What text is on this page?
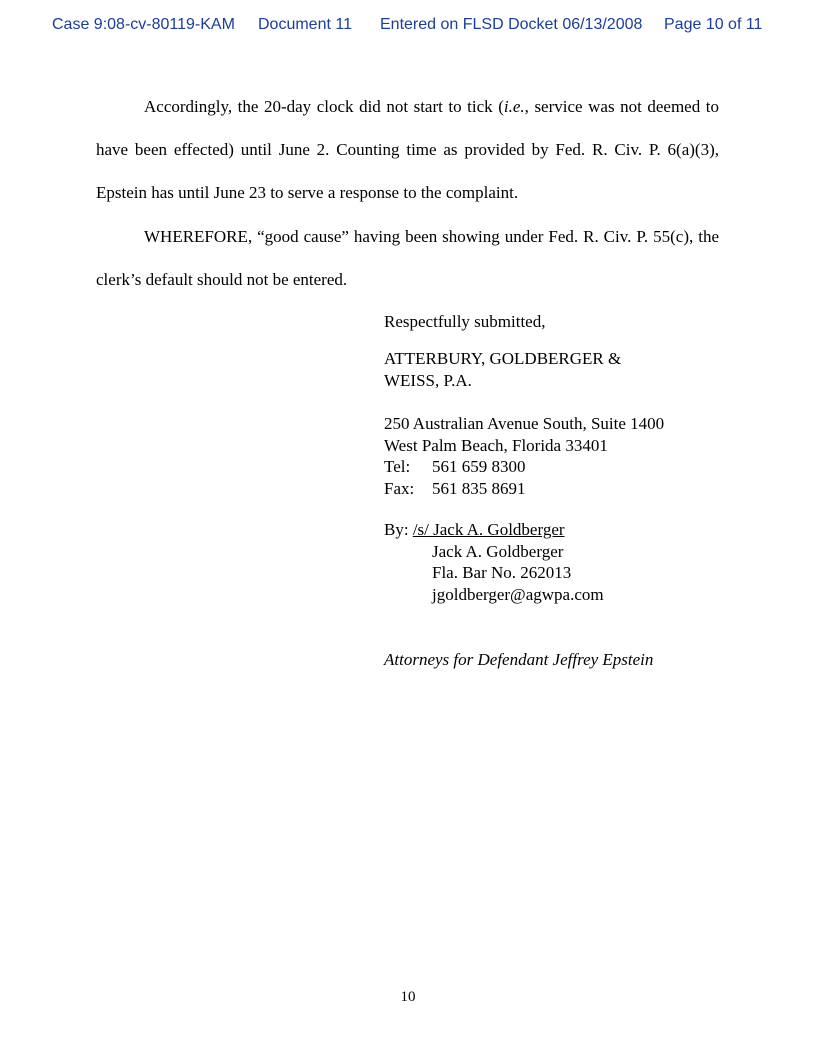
Case 9:08-cv-80119-KAM Document 11 Entered on FLSD Docket 06/13/2008 Page 10 of 11
Accordingly, the 20-day clock did not start to tick (i.e., service was not deemed to have been effected) until June 2. Counting time as provided by Fed. R. Civ. P. 6(a)(3), Epstein has until June 23 to serve a response to the complaint.
WHEREFORE, “good cause” having been showing under Fed. R. Civ. P. 55(c), the clerk’s default should not be entered.
Respectfully submitted,
ATTERBURY, GOLDBERGER &
WEISS, P.A.
250 Australian Avenue South, Suite 1400
West Palm Beach, Florida 33401
Tel: 561 659 8300
Fax: 561 835 8691
By: /s/ Jack A. Goldberger
Jack A. Goldberger
Fla. Bar No. 262013
jgoldberger@agwpa.com
Attorneys for Defendant Jeffrey Epstein
10
